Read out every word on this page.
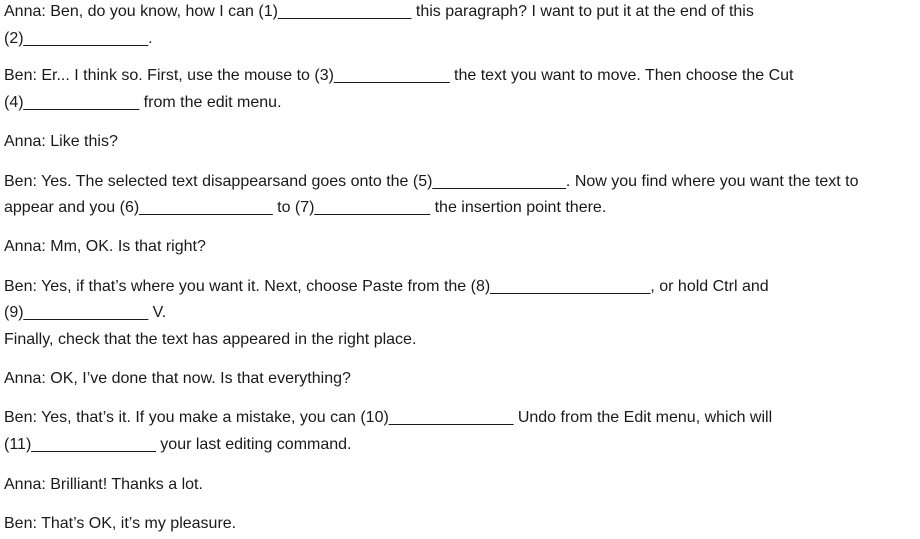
Anna: Ben, do you know, how I can (1)_______________ this paragraph? I want to put it at the end of this
(2)______________.
Ben: Er... I think so. First, use the mouse to (3)_____________ the text you want to move. Then choose the Cut
(4)_____________ from the edit menu.
Anna: Like this?
Ben: Yes. The selected text disappearsand goes onto the (5)_______________. Now you find where you want the text to
appear and you (6)_______________ to (7)_____________ the insertion point there.
Anna: Mm, OK. Is that right?
Ben: Yes, if that’s where you want it. Next, choose Paste from the (8)__________________, or hold Ctrl and
(9)______________ V.
Finally, check that the text has appeared in the right place.
Anna: OK, I’ve done that now. Is that everything?
Ben: Yes, that’s it. If you make a mistake, you can (10)______________ Undo from the Edit menu, which will
(11)______________ your last editing command.
Anna: Brilliant! Thanks a lot.
Ben: That’s OK, it’s my pleasure.
